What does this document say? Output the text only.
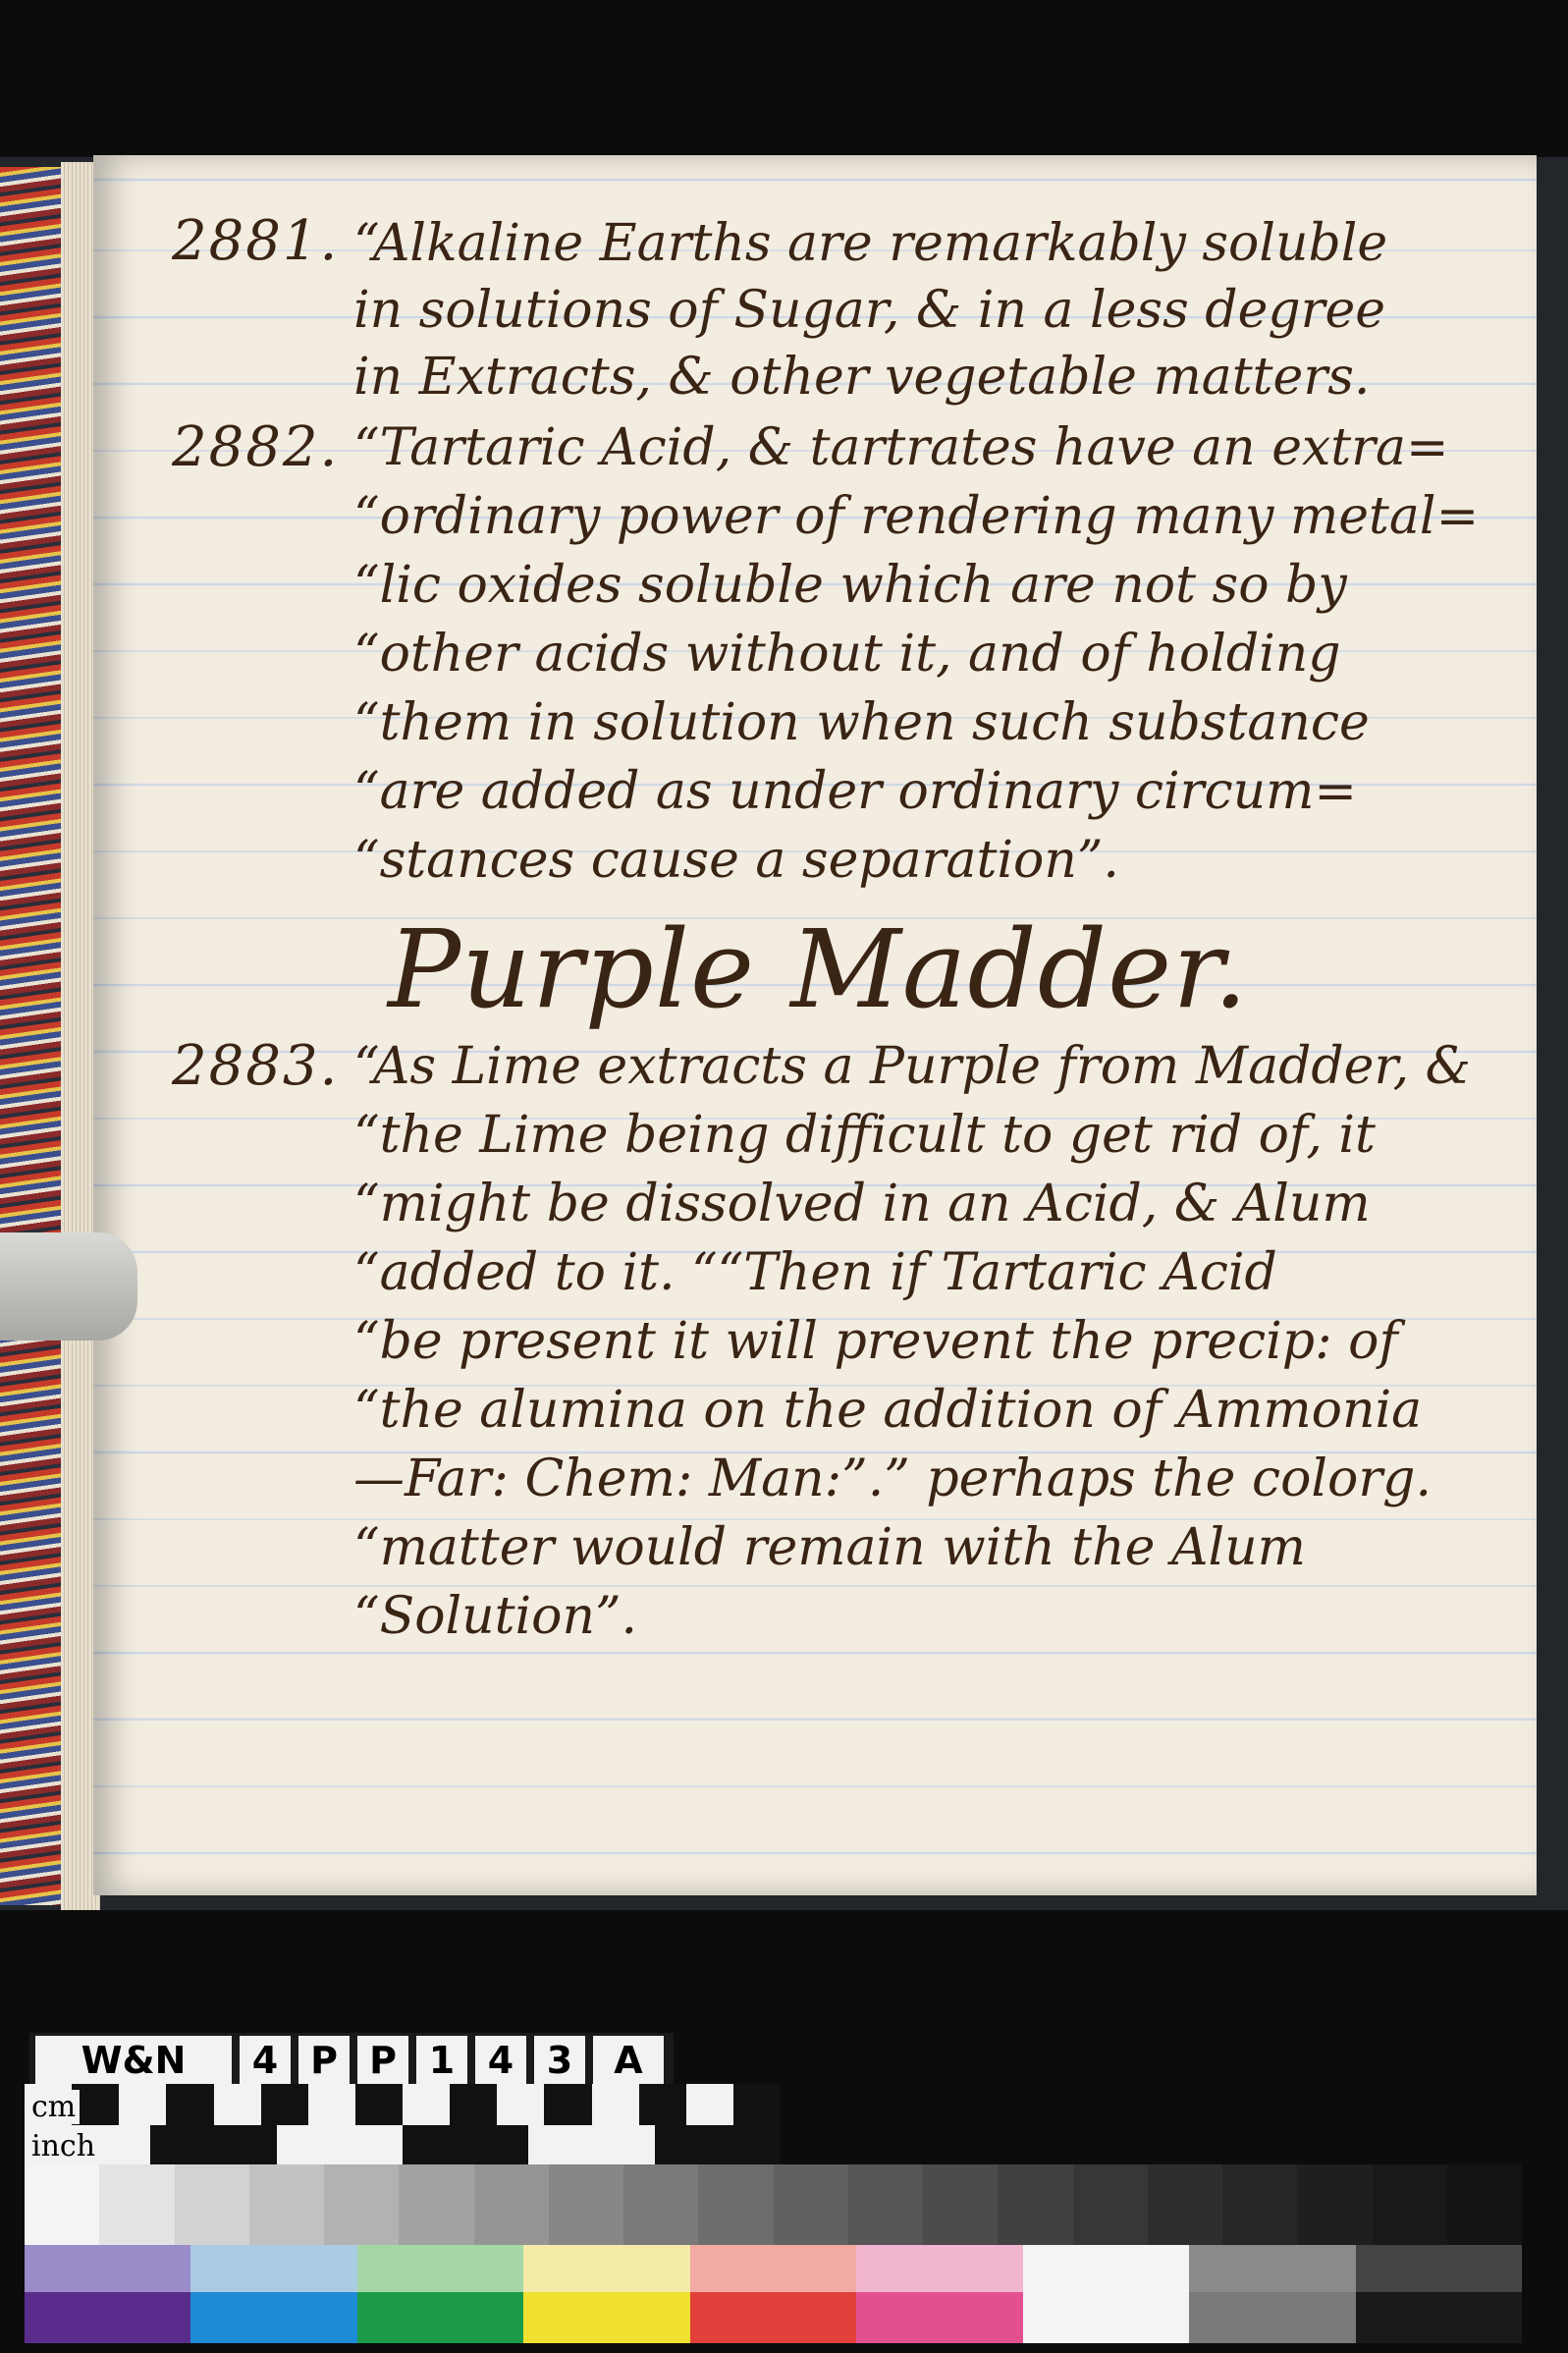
2881. “Alkaline Earths are remarkably soluble
in solutions of Sugar, & in a less degree
in Extracts, & other vegetable matters.
2882. “Tartaric Acid, & tartrates have an extra=
“ordinary power of rendering many metal=
“lic oxides soluble which are not so by
“other acids without it, and of holding
“them in solution when such substance
“are added as under ordinary circum=
“stances cause a separation”.
Purple Madder.
2883. “As Lime extracts a Purple from Madder, &
“the Lime being difficult to get rid of, it
“might be dissolved in an Acid, & Alum
“added to it. ““Then if Tartaric Acid
“be present it will prevent the precip: of
“the alumina on the addition of Ammonia
—Far: Chem: Man:”.” perhaps the colorg.
“matter would remain with the Alum
“Solution”.
W&N	4 P P 1 4 3	A
cm
inch
